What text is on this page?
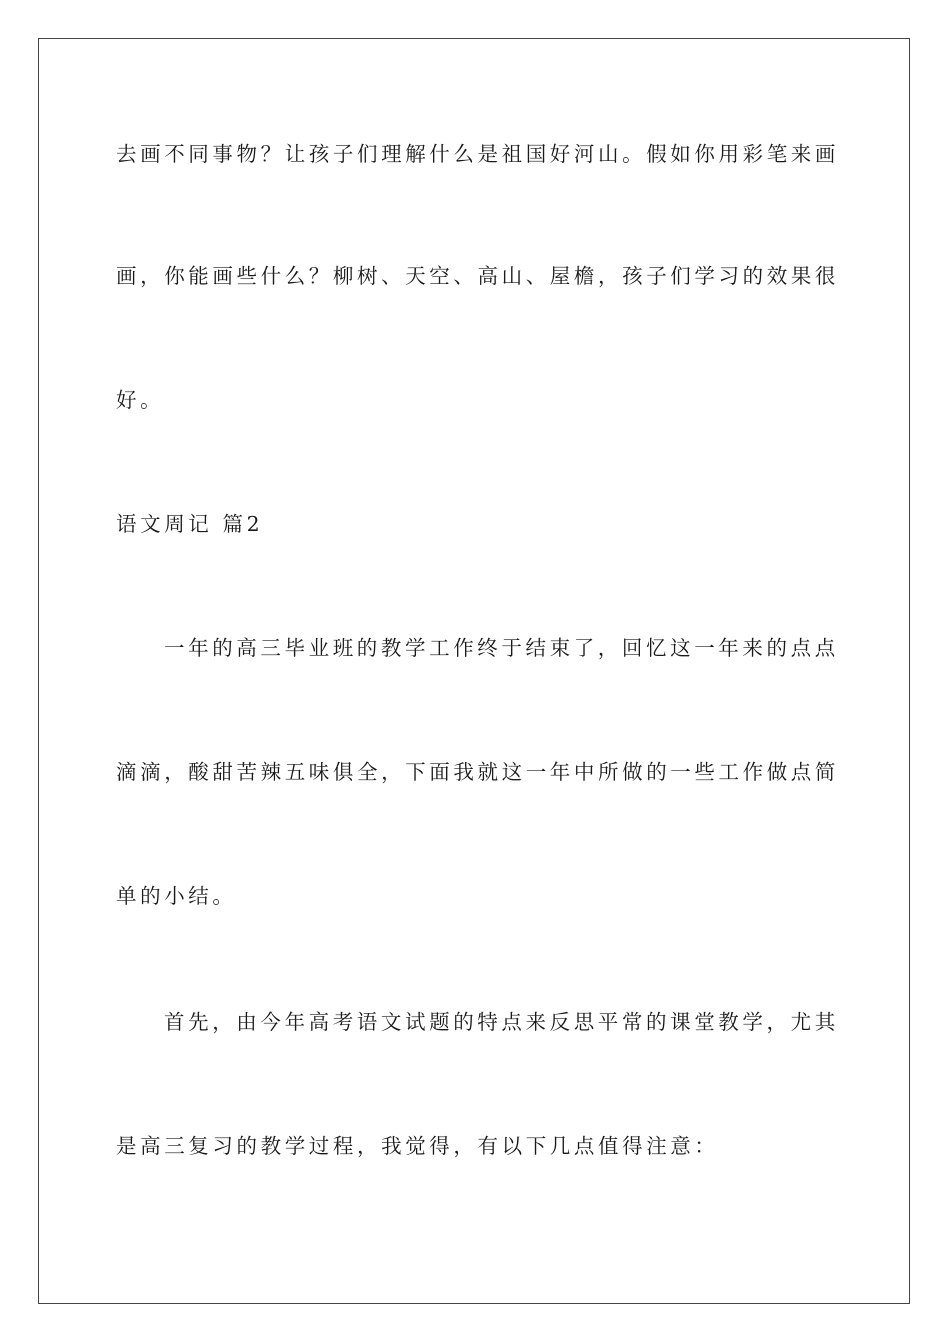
去画不同事物？让孩子们理解什么是祖国好河山。假如你用彩笔来画
画，你能画些什么？柳树、天空、高山、屋檐，孩子们学习的效果很
好。
语文周记 篇2
一年的高三毕业班的教学工作终于结束了，回忆这一年来的点点
滴滴，酸甜苦辣五味俱全，下面我就这一年中所做的一些工作做点简
单的小结。
首先，由今年高考语文试题的特点来反思平常的课堂教学，尤其
是高三复习的教学过程，我觉得，有以下几点值得注意：
